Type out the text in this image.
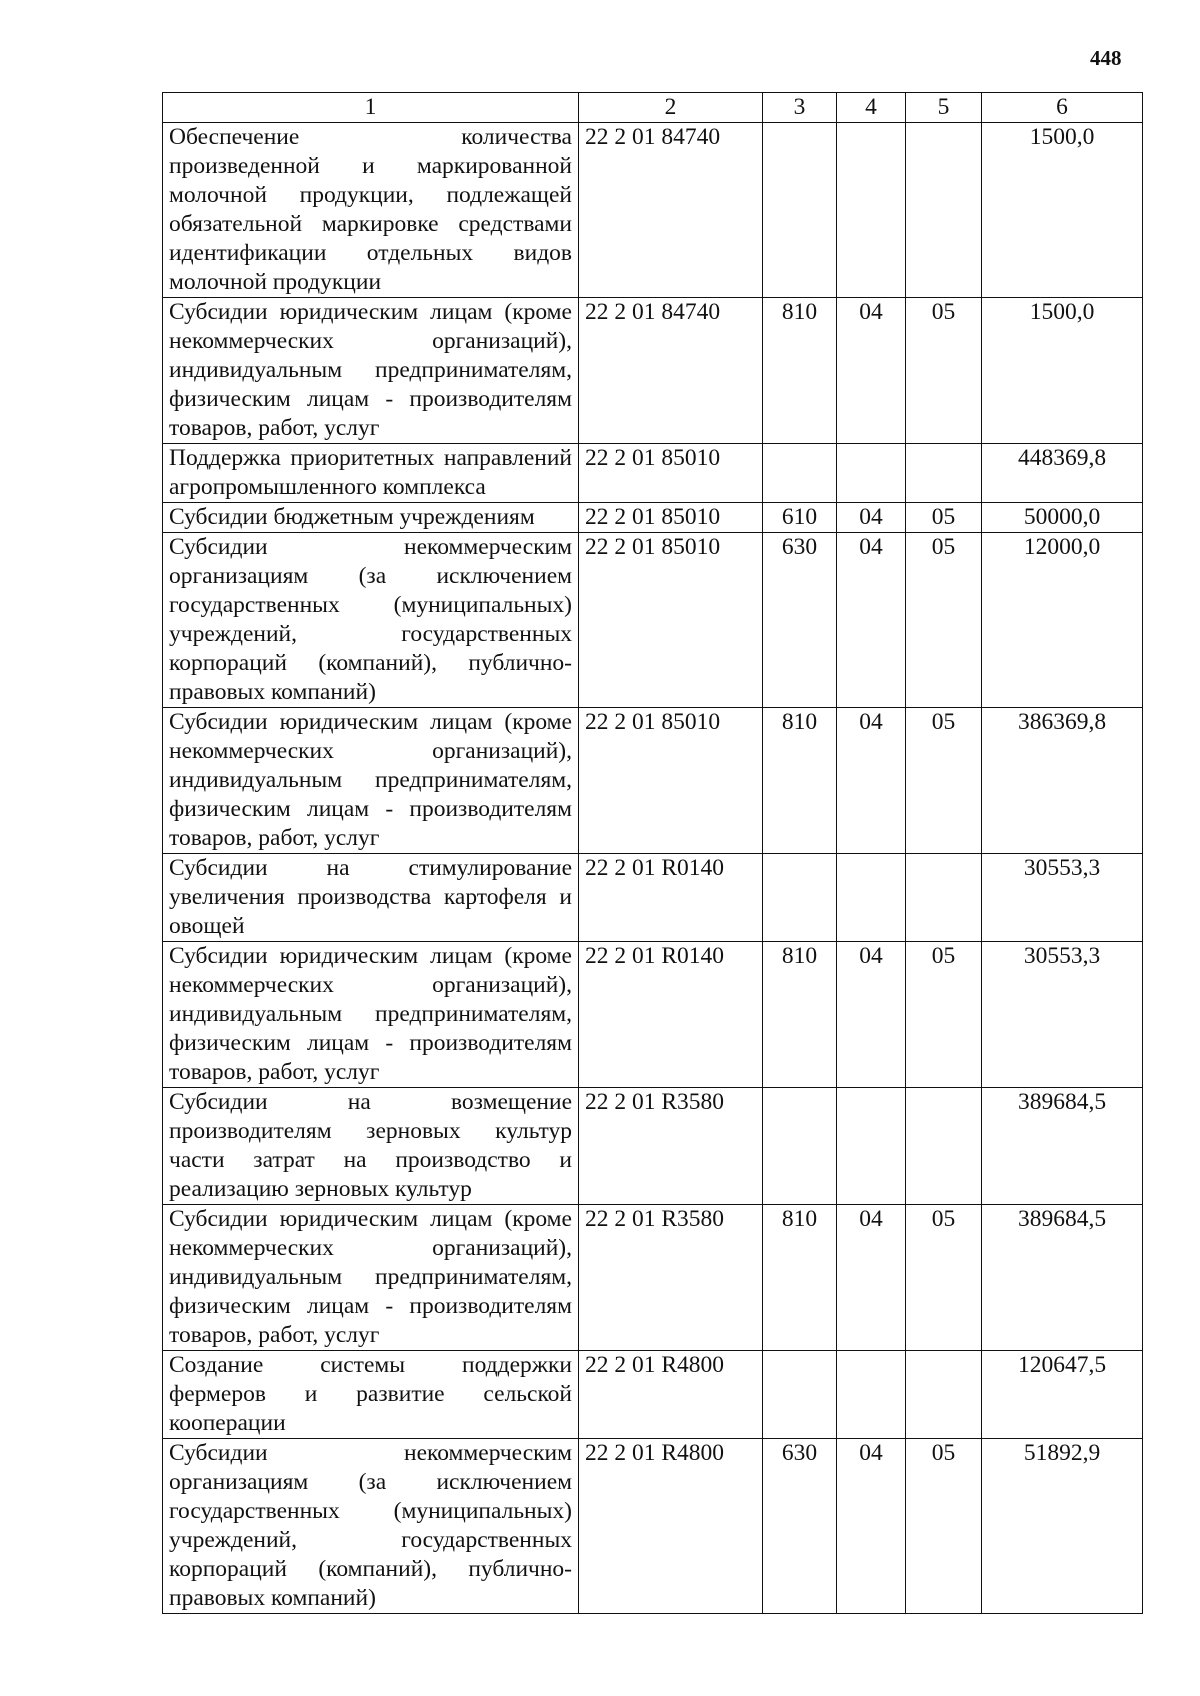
448
1	2	3	4	5	6
Обеспечение количества произведенной и маркированной молочной продукции, подлежащей обязательной маркировке средствами идентификации отдельных видов молочной продукции	22 2 01 84740				1500,0
Субсидии юридическим лицам (кроме некоммерческих организаций), индивидуальным предпринимателям, физическим лицам - производителям товаров, работ, услуг	22 2 01 84740	810	04	05	1500,0
Поддержка приоритетных направлений агропромышленного комплекса	22 2 01 85010				448369,8
Субсидии бюджетным учреждениям	22 2 01 85010	610	04	05	50000,0
Субсидии некоммерческим организациям (за исключением государственных (муниципальных) учреждений, государственных корпораций (компаний), публично-правовых компаний)	22 2 01 85010	630	04	05	12000,0
Субсидии юридическим лицам (кроме некоммерческих организаций), индивидуальным предпринимателям, физическим лицам - производителям товаров, работ, услуг	22 2 01 85010	810	04	05	386369,8
Субсидии на стимулирование увеличения производства картофеля и овощей	22 2 01 R0140				30553,3
Субсидии юридическим лицам (кроме некоммерческих организаций), индивидуальным предпринимателям, физическим лицам - производителям товаров, работ, услуг	22 2 01 R0140	810	04	05	30553,3
Субсидии на возмещение производителям зерновых культур части затрат на производство и реализацию зерновых культур	22 2 01 R3580				389684,5
Субсидии юридическим лицам (кроме некоммерческих организаций), индивидуальным предпринимателям, физическим лицам - производителям товаров, работ, услуг	22 2 01 R3580	810	04	05	389684,5
Создание системы поддержки фермеров и развитие сельской кооперации	22 2 01 R4800				120647,5
Субсидии некоммерческим организациям (за исключением государственных (муниципальных) учреждений, государственных корпораций (компаний), публично-правовых компаний)	22 2 01 R4800	630	04	05	51892,9
